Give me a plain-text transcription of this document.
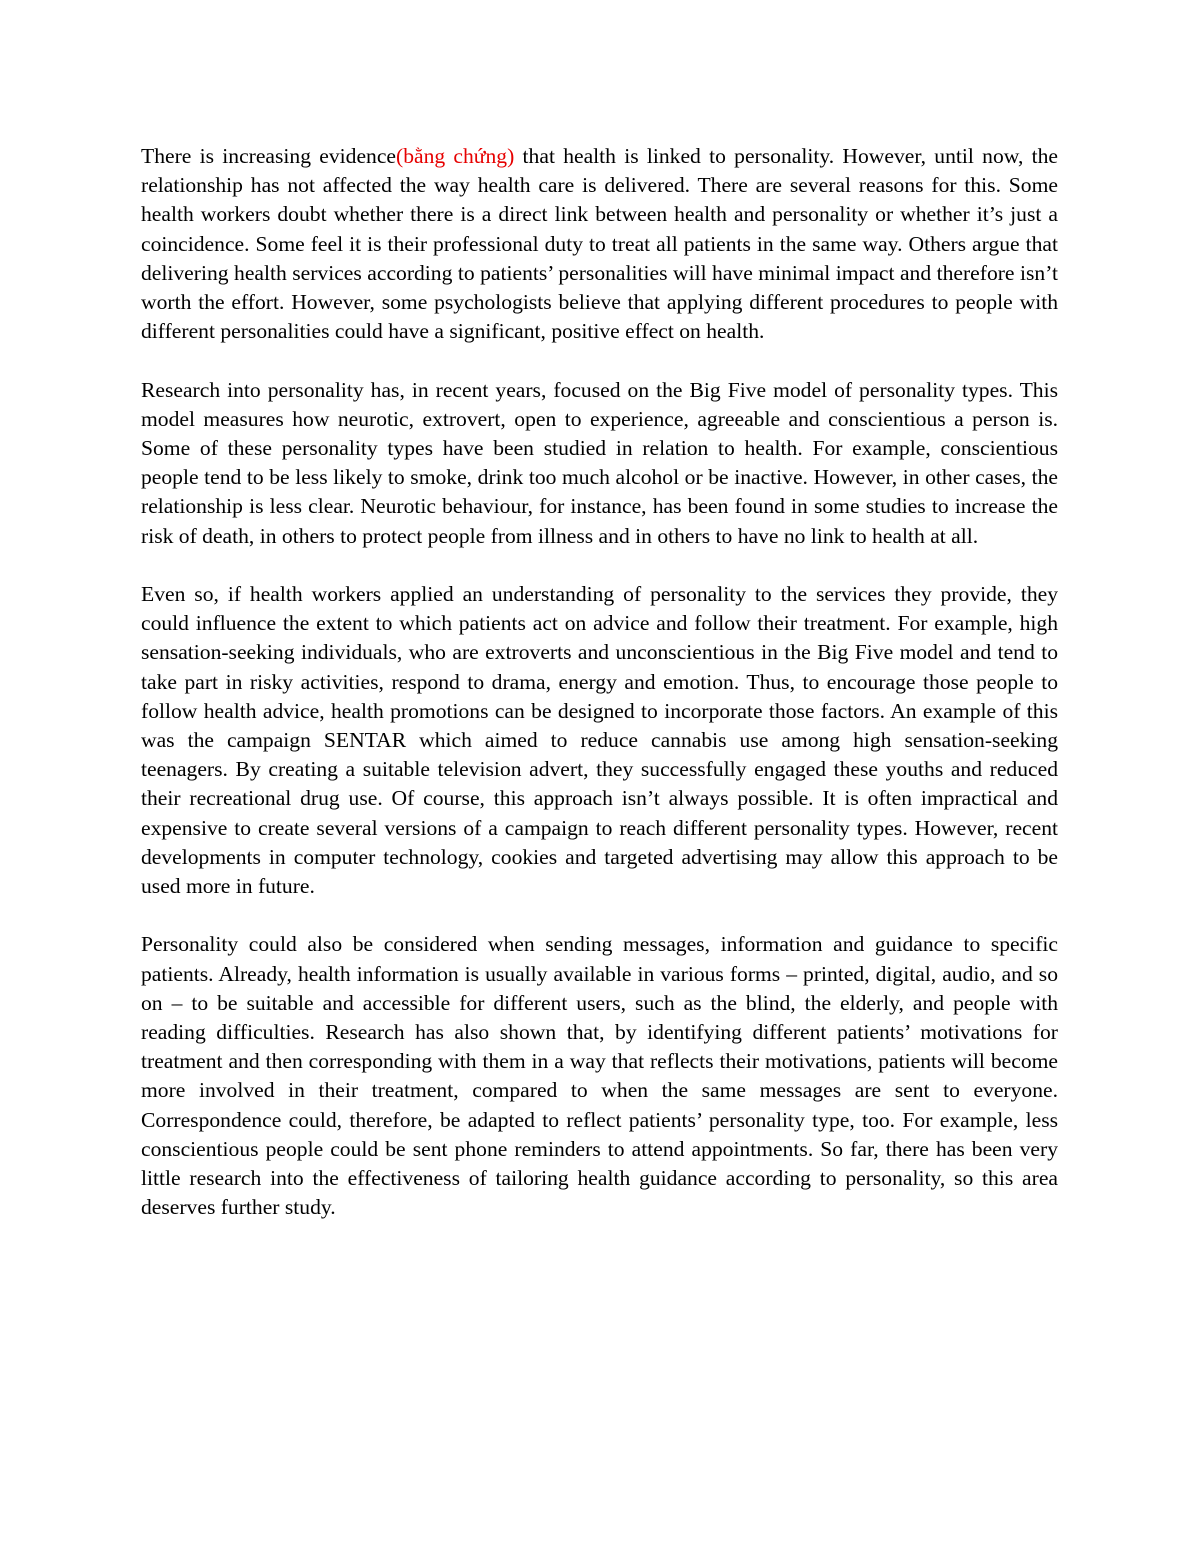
There is increasing evidence(bằng chứng) that health is linked to personality. However, until now, the relationship has not affected the way health care is delivered. There are several reasons for this. Some health workers doubt whether there is a direct link between health and personality or whether it’s just a coincidence. Some feel it is their professional duty to treat all patients in the same way. Others argue that delivering health services according to patients’ personalities will have minimal impact and therefore isn’t worth the effort. However, some psychologists believe that applying different procedures to people with different personalities could have a significant, positive effect on health.

Research into personality has, in recent years, focused on the Big Five model of personality types. This model measures how neurotic, extrovert, open to experience, agreeable and conscientious a person is. Some of these personality types have been studied in relation to health. For example, conscientious people tend to be less likely to smoke, drink too much alcohol or be inactive. However, in other cases, the relationship is less clear. Neurotic behaviour, for instance, has been found in some studies to increase the risk of death, in others to protect people from illness and in others to have no link to health at all.

Even so, if health workers applied an understanding of personality to the services they provide, they could influence the extent to which patients act on advice and follow their treatment. For example, high sensation-seeking individuals, who are extroverts and unconscientious in the Big Five model and tend to take part in risky activities, respond to drama, energy and emotion. Thus, to encourage those people to follow health advice, health promotions can be designed to incorporate those factors. An example of this was the campaign SENTAR which aimed to reduce cannabis use among high sensation-seeking teenagers. By creating a suitable television advert, they successfully engaged these youths and reduced their recreational drug use. Of course, this approach isn’t always possible. It is often impractical and expensive to create several versions of a campaign to reach different personality types. However, recent developments in computer technology, cookies and targeted advertising may allow this approach to be used more in future.

Personality could also be considered when sending messages, information and guidance to specific patients. Already, health information is usually available in various forms – printed, digital, audio, and so on – to be suitable and accessible for different users, such as the blind, the elderly, and people with reading difficulties. Research has also shown that, by identifying different patients’ motivations for treatment and then corresponding with them in a way that reflects their motivations, patients will become more involved in their treatment, compared to when the same messages are sent to everyone. Correspondence could, therefore, be adapted to reflect patients’ personality type, too. For example, less conscientious people could be sent phone reminders to attend appointments. So far, there has been very little research into the effectiveness of tailoring health guidance according to personality, so this area deserves further study.
